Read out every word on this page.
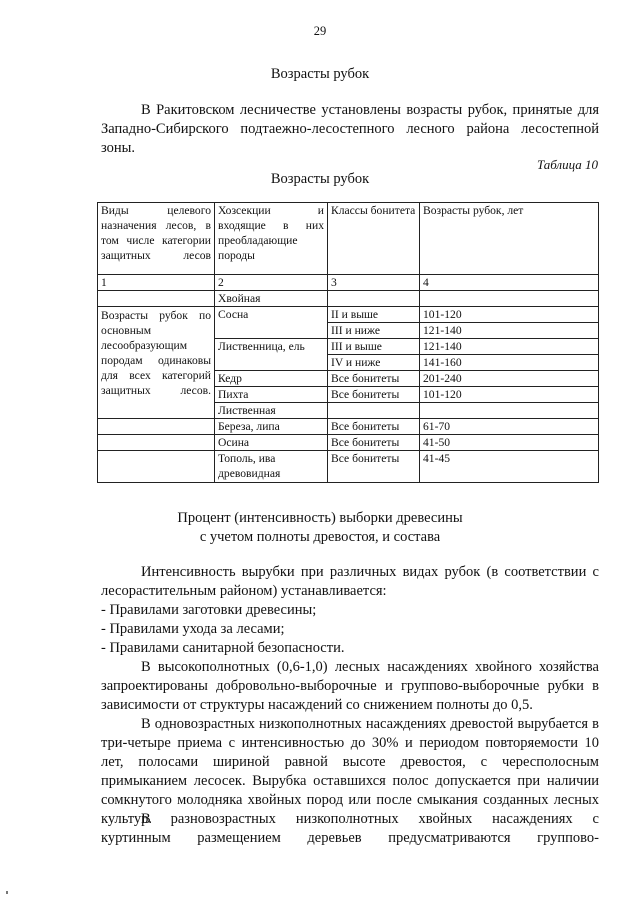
29
Возрасты рубок
В Ракитовском лесничестве установлены возрасты рубок, принятые для Западно-Сибирского подтаежно-лесостепного лесного района лесостепной зоны.
Таблица 10
Возрасты рубок
Виды целевого назначения лесов, в том числе категории защитных лесов	Хозсекции и входящие в них преобладающие породы	Классы бонитета	Возрасты рубок, лет
1	2	3	4
	Хвойная		
Возрасты рубок по основным лесообразующим породам одинаковы для всех категорий защитных лесов.	Сосна	II и выше	101-120
		III и ниже	121-140
	Лиственница, ель	III и выше	121-140
		IV и ниже	141-160
	Кедр	Все бонитеты	201-240
	Пихта	Все бонитеты	101-120
	Лиственная		
	Береза, липа	Все бонитеты	61-70
	Осина	Все бонитеты	41-50
	Тополь, ива древовидная	Все бонитеты	41-45
Процент (интенсивность) выборки древесины
с учетом полноты древостоя, и состава
Интенсивность вырубки при различных видах рубок (в соответствии с лесорастительным районом) устанавливается:
- Правилами заготовки древесины;
- Правилами ухода за лесами;
- Правилами санитарной безопасности.
В высокополнотных (0,6-1,0) лесных насаждениях хвойного хозяйства запроектированы добровольно-выборочные и группово-выборочные рубки в зависимости от структуры насаждений со снижением полноты до 0,5.
В одновозрастных низкополнотных насаждениях древостой вырубается в три-четыре приема с интенсивностью до 30% и периодом повторяемости 10 лет, полосами шириной равной высоте древостоя, с чересполосным примыканием лесосек. Вырубка оставшихся полос допускается при наличии сомкнутого молодняка хвойных пород или после смыкания созданных лесных культур.
В разновозрастных низкополнотных хвойных насаждениях с
куртинным размещением деревьев предусматриваются группово-
